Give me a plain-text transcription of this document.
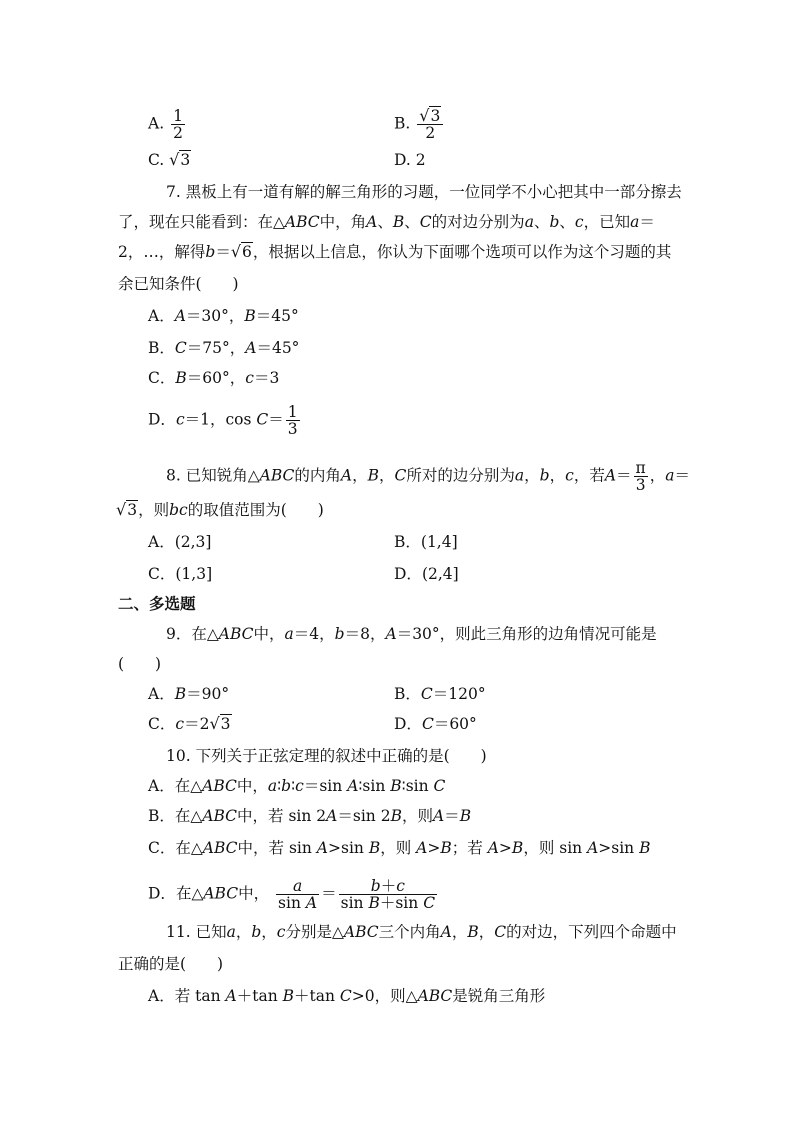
A. $\frac{1}{2}$	B. $\frac{√3}{2}$
C. √3	D. 2
7. 黑板上有一道有解的解三角形的习题，一位同学不小心把其中一部分擦去
了，现在只能看到：在△ABC中，角A、B、C的对边分别为a、b、c，已知a＝
2，…，解得b＝√6，根据以上信息，你认为下面哪个选项可以作为这个习题的其
余已知条件(　　)
A．A＝30°，B＝45°
B．C＝75°，A＝45°
C．B＝60°，c＝3
D．c＝1，$\cos C= \frac{1}{3}$
8. 已知锐角△ABC的内角A，B，C所对的边分别为a，b，c，若$A= \frac{\pi}{3}$ ，a＝
√3，则bc的取值范围为(　　)
A．(2,3]	B．(1,4]
C．(1,3]	D．(2,4]
二、多选题
9．在△ABC中，a＝4，b＝8，A＝30°，则此三角形的边角情况可能是
(　　)
A．B＝90°	B．C＝120°
C．c＝2√3	D．C＝60°
10. 下列关于正弦定理的叙述中正确的是(　　)
A．在△ABC中，a∶b∶c＝sin A∶sin B∶sin C
B．在△ABC中，若 sin 2A＝sin 2B，则A＝B
C．在△ABC中，若 sin A>sin B，则 A>B；若 A>B，则 sin A>sin B
D．在△ABC中， $\frac{a}{\text{sin A}} = \frac{b+c}{\text{sin B＋sin C}}$
11. 已知a，b，c分别是△ABC三个内角A，B，C的对边，下列四个命题中
正确的是(　　)
A．若 tan A＋tan B＋tan C>0，则△ABC是锐角三角形
